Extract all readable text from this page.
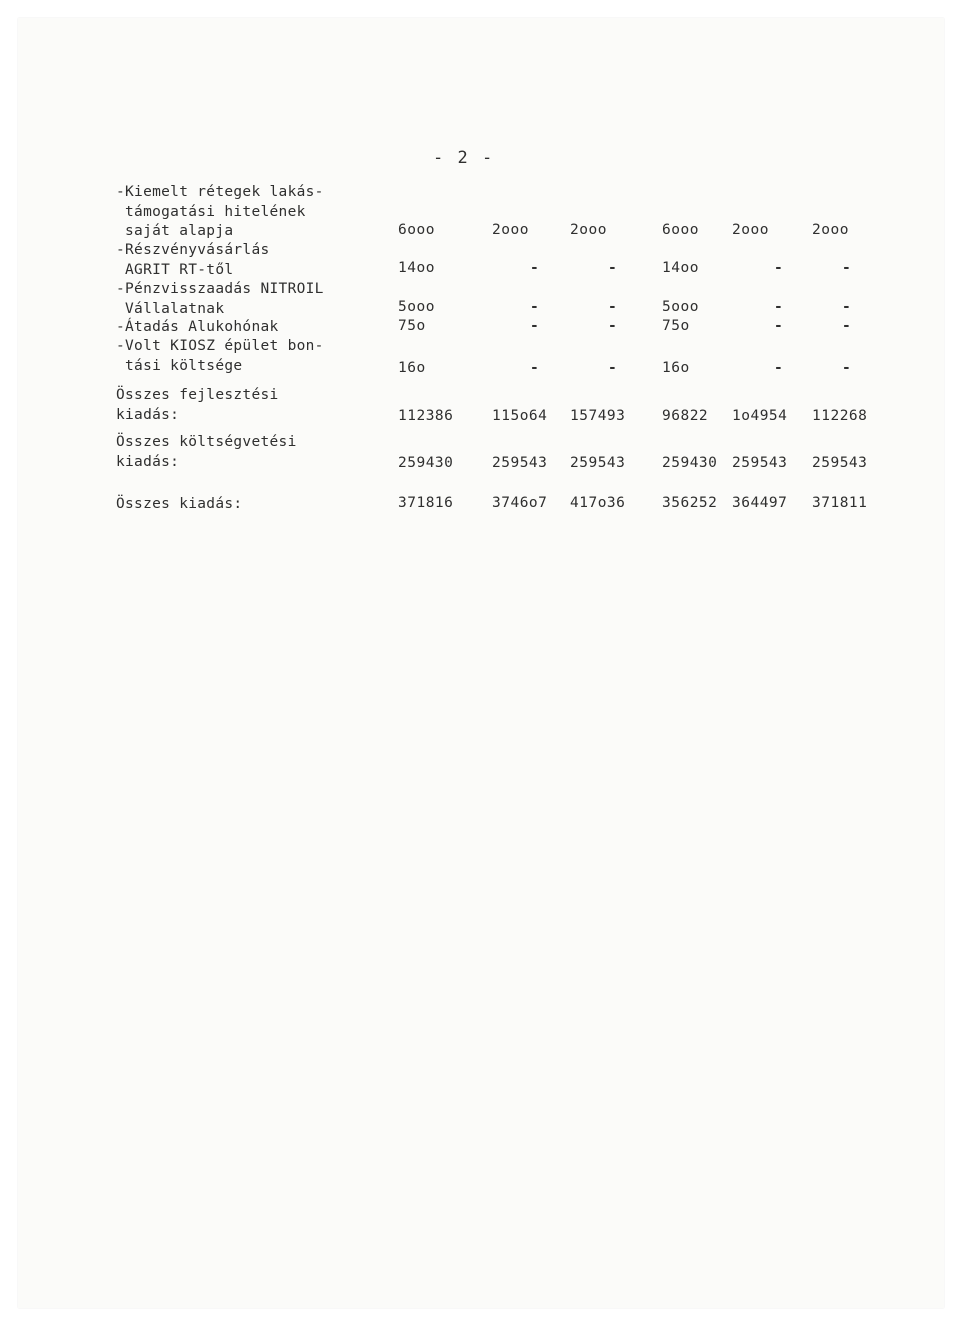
- 2 -
-Kiemelt rétegek lakás-
támogatási hitelének
saját alapja	6ooo	2ooo	2ooo	6ooo 2ooo	2ooo
-Részvényvásárlás
AGRIT RT-től	14oo	-	-	14oo	-	-
-Pénzvisszaadás NITROIL
Vállalatnak	5ooo	-	-	5ooo	-	-
-Átadás Alukohónak	75o	-	-	75o	-	-
-Volt KIOSZ épület bon-
tási költsége	16o	-	-	16o	-	-
Összes fejlesztési
kiadás:	112386	115o64 157493	96822 1o4954 112268
Összes költségvetési
kiadás:	259430	259543 259543	259430 259543 259543
Összes kiadás:	371816	3746o7 417o36	356252 364497 371811
